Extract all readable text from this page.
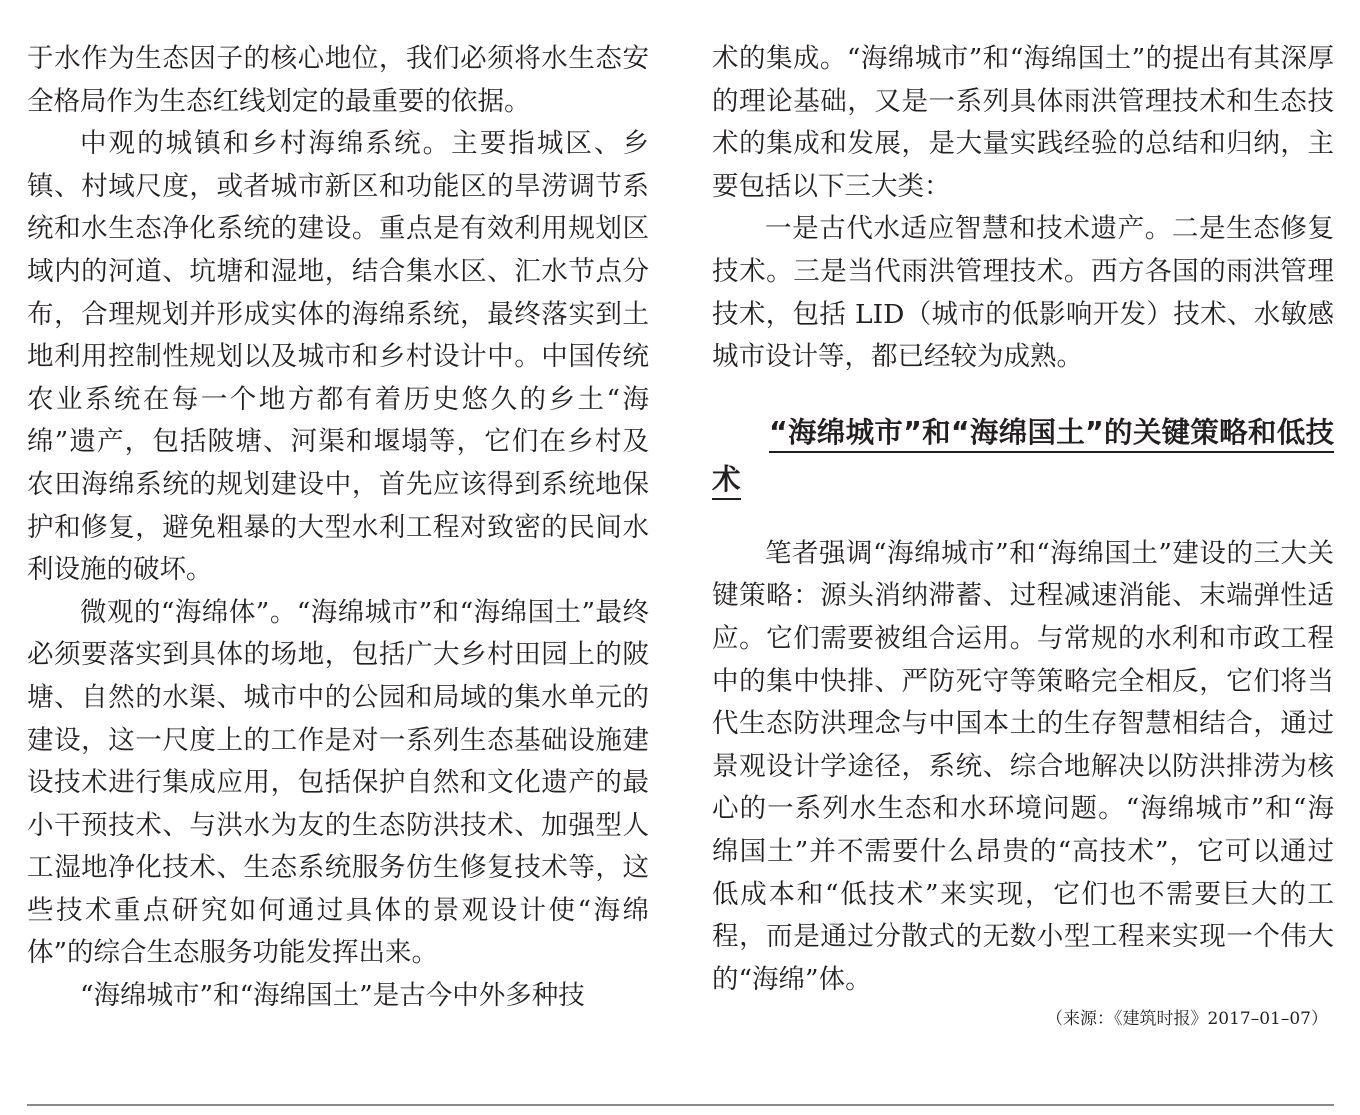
于水作为生态因子的核心地位，我们必须将水生态安全格局作为生态红线划定的最重要的依据。

中观的城镇和乡村海绵系统。主要指城区、乡镇、村域尺度，或者城市新区和功能区的旱涝调节系统和水生态净化系统的建设。重点是有效利用规划区域内的河道、坑塘和湿地，结合集水区、汇水节点分布，合理规划并形成实体的海绵系统，最终落实到土地利用控制性规划以及城市和乡村设计中。中国传统农业系统在每一个地方都有着历史悠久的乡土“海绵”遗产，包括陂塘、河渠和堰塌等，它们在乡村及农田海绵系统的规划建设中，首先应该得到系统地保护和修复，避免粗暴的大型水利工程对致密的民间水利设施的破坏。

微观的“海绵体”。“海绵城市”和“海绵国土”最终必须要落实到具体的场地，包括广大乡村田园上的陂塘、自然的水渠、城市中的公园和局域的集水单元的建设，这一尺度上的工作是对一系列生态基础设施建设技术进行集成应用，包括保护自然和文化遗产的最小干预技术、与洪水为友的生态防洪技术、加强型人工湿地净化技术、生态系统服务仿生修复技术等，这些技术重点研究如何通过具体的景观设计使“海绵体”的综合生态服务功能发挥出来。

“海绵城市”和“海绵国土”是古今中外多种技

术的集成。“海绵城市”和“海绵国土”的提出有其深厚的理论基础，又是一系列具体雨洪管理技术和生态技术的集成和发展，是大量实践经验的总结和归纳，主要包括以下三大类：

一是古代水适应智慧和技术遗产。二是生态修复技术。三是当代雨洪管理技术。西方各国的雨洪管理技术，包括 LID（城市的低影响开发）技术、水敏感城市设计等，都已经较为成熟。

“海绵城市”和“海绵国土”的关键策略和低技术

笔者强调“海绵城市”和“海绵国土”建设的三大关键策略：源头消纳滞蓄、过程减速消能、末端弹性适应。它们需要被组合运用。与常规的水利和市政工程中的集中快排、严防死守等策略完全相反，它们将当代生态防洪理念与中国本土的生存智慧相结合，通过景观设计学途径，系统、综合地解决以防洪排涝为核心的一系列水生态和水环境问题。“海绵城市”和“海绵国土”并不需要什么昂贵的“高技术”，它可以通过低成本和“低技术”来实现，它们也不需要巨大的工程，而是通过分散式的无数小型工程来实现一个伟大的“海绵”体。

（来源：《建筑时报》2017–01–07）
